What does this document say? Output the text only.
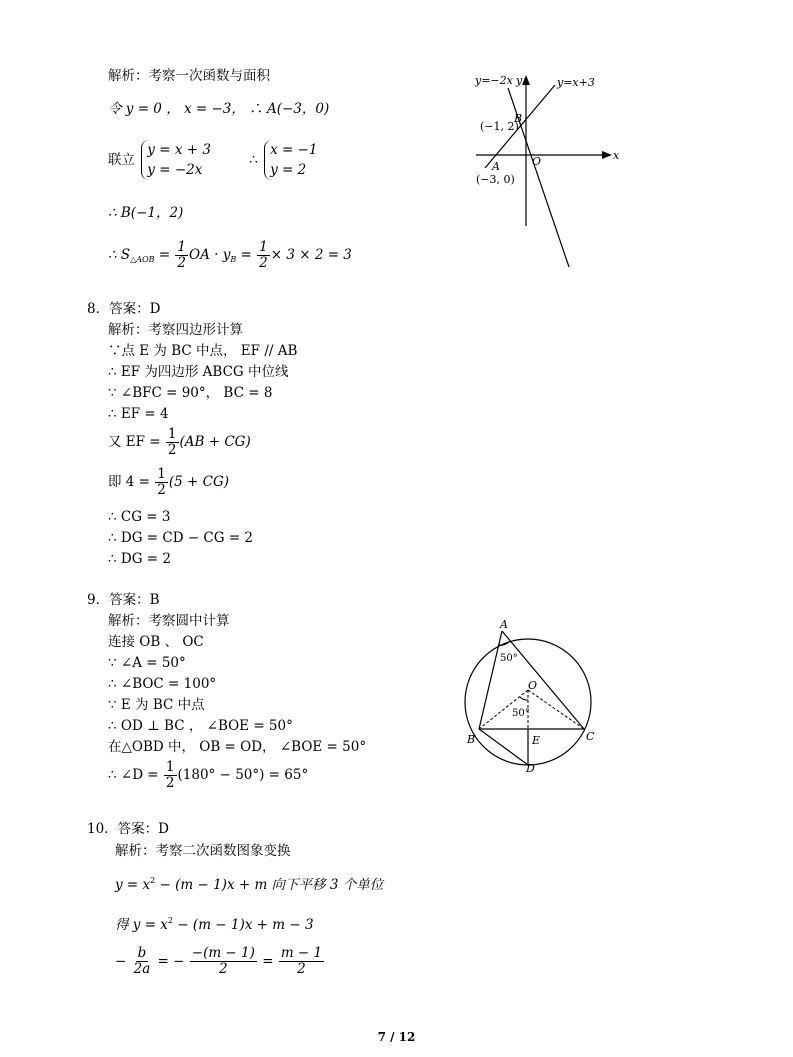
解析：考察一次函数与面积
令 y = 0 ， x = −3， ∴ A(−3，0)
联立
y = x + 3
y = −2x
∴
x = −1
y = 2
∴ B(−1，2)
∴ $S_{\triangle AOB} = \frac{1}{2}$ OA · $y_B = \frac{1}{2} \times 3 \times 2 = 3$
y=−2x y	y=x+3
B
(−1, 2)
O	x
A
(−3, 0)
8．答案：D
解析：考察四边形计算
∵点 E 为 BC 中点， EF // AB
∴ EF 为四边形 ABCG 中位线
∵ ∠BFC = 90°， BC = 8
∴ EF = 4
又 EF = $\frac{1}{2} (AB + CG)$
即 $4 = \frac{1}{2} (5 + CG)$
∴ CG = 3
∴ DG = CD − CG = 2
∴ DG = 2
9．答案：B
解析：考察圆中计算
连接 OB 、 OC
∵ ∠A = 50°
∴ ∠BOC = 100°
∵ E 为 BC 中点
∴ OD ⊥ BC ， ∠BOE = 50°
在△OBD 中， OB = OD， ∠BOE = 50°
∴ ∠D = $\frac{1}{2} (180^\circ - 50^\circ) = 65^\circ$
A
50°
O
50°
B	C
E
D
10．答案：D
解析：考察二次函数图象变换
$y = x^2 - (m - 1)x + m$ 向下平移 3 个单位
得 $y = x^2 - (m - 1)x + m - 3$
− $\frac{b}{2a}$ = − $\frac{-(m - 1)}{2} = \frac{m - 1}{2}$
7 / 12
